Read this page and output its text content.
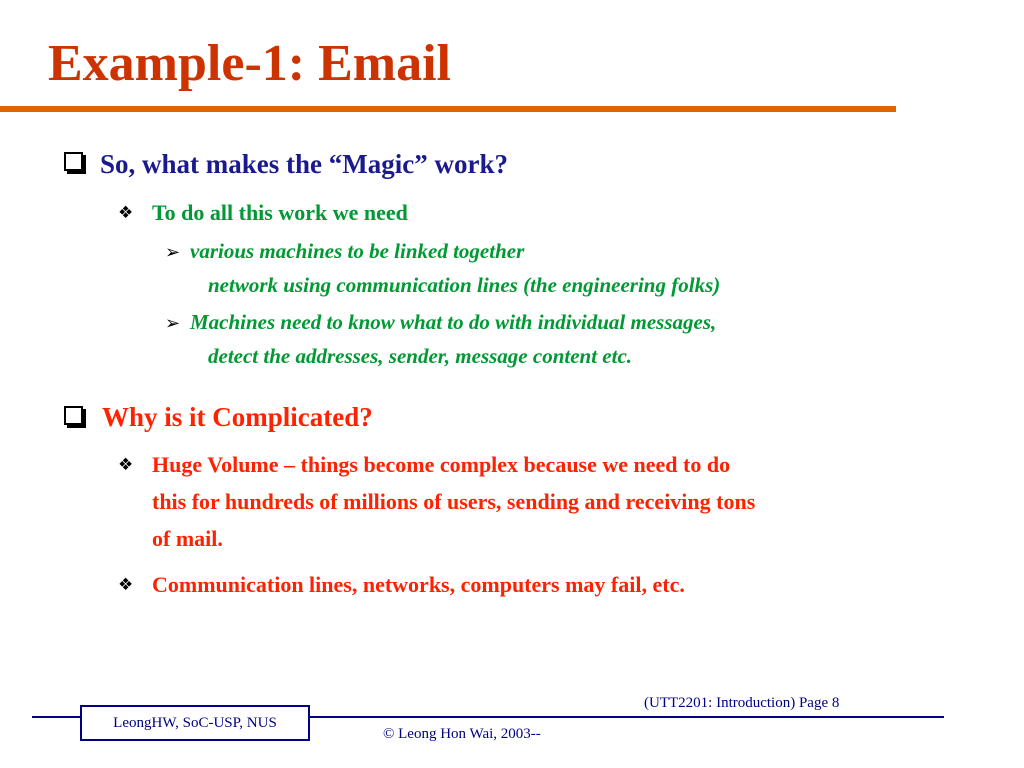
Example-1: Email
So, what makes the “Magic” work?
❖ To do all this work we need
➢ various machines to be linked together
network using communication lines (the engineering folks)
➢ Machines need to know what to do with individual messages,
detect the addresses, sender, message content etc.
Why is it Complicated?
❖ Huge Volume – things become complex because we need to do
this for hundreds of millions of users, sending and receiving tons
of mail.
❖ Communication lines, networks, computers may fail, etc.
(UTT2201: Introduction) Page 8
LeongHW, SoC-USP, NUS
© Leong Hon Wai, 2003--
